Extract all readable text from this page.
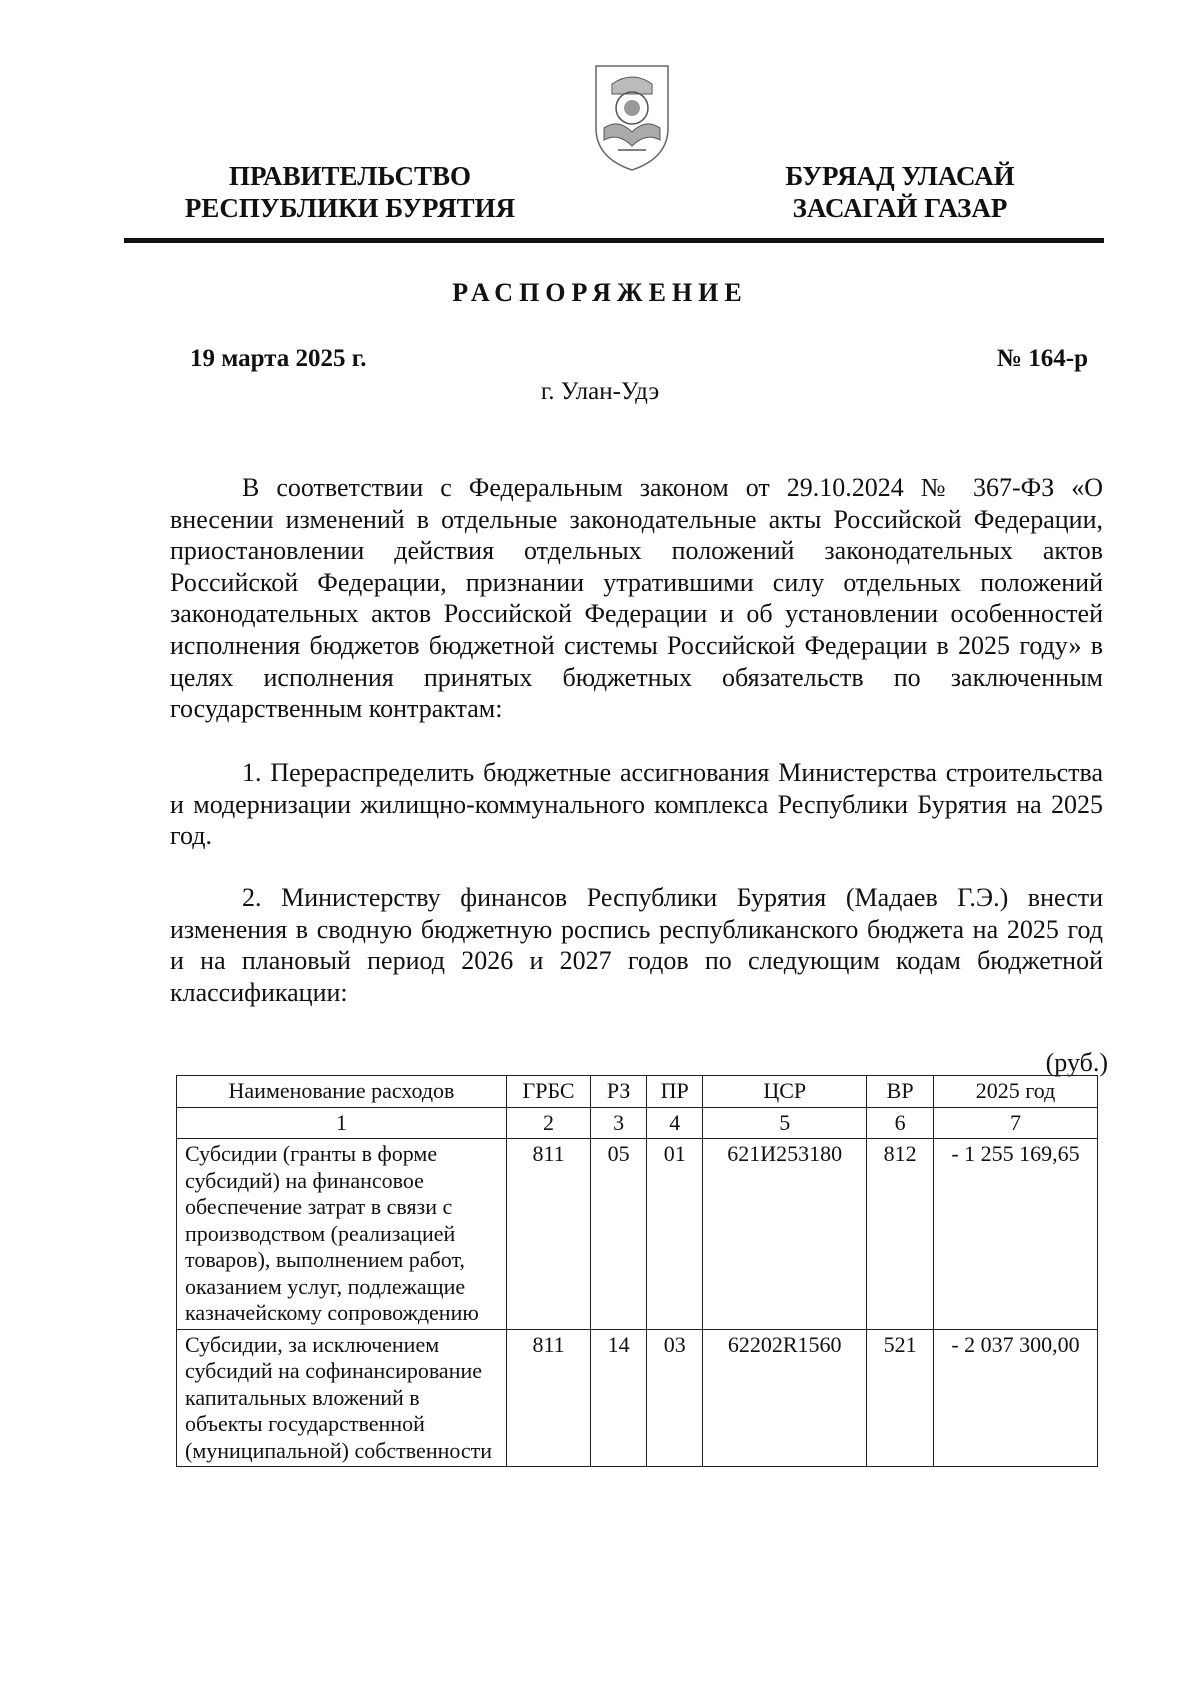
ПРАВИТЕЛЬСТВО
РЕСПУБЛИКИ БУРЯТИЯ
БУРЯАД УЛАСАЙ
ЗАСАГАЙ ГАЗАР
РАСПОРЯЖЕНИЕ
19 марта 2025 г.	№ 164-р
г. Улан-Удэ

В соответствии с Федеральным законом от 29.10.2024 № 367-ФЗ «О внесении изменений в отдельные законодательные акты Российской Федерации, приостановлении действия отдельных положений законодательных актов Российской Федерации, признании утратившими силу отдельных положений законодательных актов Российской Федерации и об установлении особенностей исполнения бюджетов бюджетной системы Российской Федерации в 2025 году» в целях исполнения принятых бюджетных обязательств по заключенным государственным контрактам:

1. Перераспределить бюджетные ассигнования Министерства строительства и модернизации жилищно-коммунального комплекса Республики Бурятия на 2025 год.

2. Министерству финансов Республики Бурятия (Мадаев Г.Э.) внести изменения в сводную бюджетную роспись республиканского бюджета на 2025 год и на плановый период 2026 и 2027 годов по следующим кодам бюджетной классификации:

(руб.)
Наименование расходов	ГРБС	РЗ	ПР	ЦСР	ВР	2025 год
1	2	3	4	5	6	7
Субсидии (гранты в форме субсидий) на финансовое обеспечение затрат в связи с производством (реализацией товаров), выполнением работ, оказанием услуг, подлежащие казначейскому сопровождению	811	05	01	621И253180	812	- 1 255 169,65
Субсидии, за исключением субсидий на софинансирование капитальных вложений в объекты государственной (муниципальной) собственности	811	14	03	62202R1560	521	- 2 037 300,00
